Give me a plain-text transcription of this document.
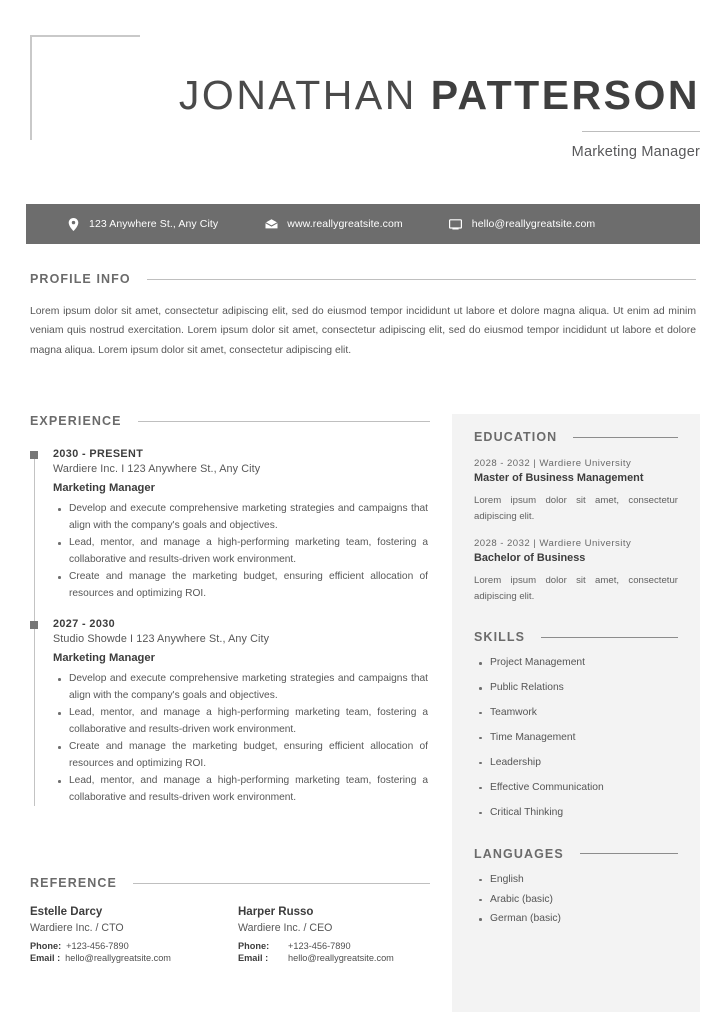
JONATHAN PATTERSON
Marketing Manager
123 Anywhere St., Any City	www.reallygreatsite.com	hello@reallygreatsite.com
PROFILE INFO
Lorem ipsum dolor sit amet, consectetur adipiscing elit, sed do eiusmod tempor incididunt ut labore et dolore magna aliqua. Ut enim ad minim veniam quis nostrud exercitation. Lorem ipsum dolor sit amet, consectetur adipiscing elit, sed do eiusmod tempor incididunt ut labore et dolore magna aliqua. Lorem ipsum dolor sit amet, consectetur adipiscing elit.
EXPERIENCE
2030 - PRESENT
Wardiere Inc. I 123 Anywhere St., Any City
Marketing Manager
Develop and execute comprehensive marketing strategies and campaigns that align with the company's goals and objectives.
Lead, mentor, and manage a high-performing marketing team, fostering a collaborative and results-driven work environment.
Create and manage the marketing budget, ensuring efficient allocation of resources and optimizing ROI.
2027 - 2030
Studio Showde I 123 Anywhere St., Any City
Marketing Manager
Develop and execute comprehensive marketing strategies and campaigns that align with the company's goals and objectives.
Lead, mentor, and manage a high-performing marketing team, fostering a collaborative and results-driven work environment.
Create and manage the marketing budget, ensuring efficient allocation of resources and optimizing ROI.
Lead, mentor, and manage a high-performing marketing team, fostering a collaborative and results-driven work environment.
REFERENCE
Estelle Darcy
Wardiere Inc. / CTO
Phone: +123-456-7890
Email : hello@reallygreatsite.com
Harper Russo
Wardiere Inc. / CEO
Phone:	+123-456-7890
Email :	hello@reallygreatsite.com
EDUCATION
2028 - 2032 | Wardiere University
Master of Business Management
Lorem ipsum dolor sit amet, consectetur adipiscing elit.
2028 - 2032 | Wardiere University
Bachelor of Business
Lorem ipsum dolor sit amet, consectetur adipiscing elit.
SKILLS
Project Management
Public Relations
Teamwork
Time Management
Leadership
Effective Communication
Critical Thinking
LANGUAGES
English
Arabic (basic)
German (basic)
